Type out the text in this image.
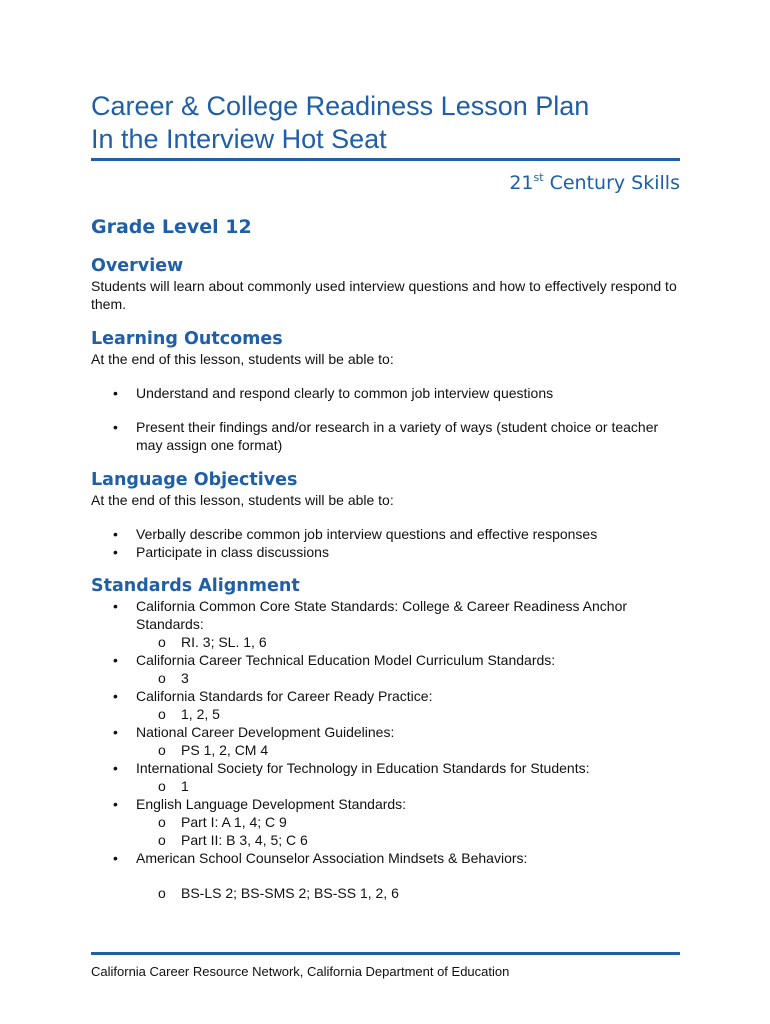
Career & College Readiness Lesson Plan
In the Interview Hot Seat
21st Century Skills
Grade Level 12
Overview

Students will learn about commonly used interview questions and how to effectively respond to them.

Learning Outcomes

At the end of this lesson, students will be able to:

• Understand and respond clearly to common job interview questions
• Present their findings and/or research in a variety of ways (student choice or teacher may assign one format)
Language Objectives

At the end of this lesson, students will be able to:

• Verbally describe common job interview questions and effective responses
• Participate in class discussions
Standards Alignment
• California Common Core State Standards: College & Career Readiness Anchor Standards:
o RI. 3; SL. 1, 6
• California Career Technical Education Model Curriculum Standards:
o 3
• California Standards for Career Ready Practice:
o 1, 2, 5
• National Career Development Guidelines:
o PS 1, 2, CM 4
• International Society for Technology in Education Standards for Students:
o 1
• English Language Development Standards:
o Part I: A 1, 4; C 9
o Part II: B 3, 4, 5; C 6
• American School Counselor Association Mindsets & Behaviors:
o BS-LS 2; BS-SMS 2; BS-SS 1, 2, 6
California Career Resource Network, California Department of Education
